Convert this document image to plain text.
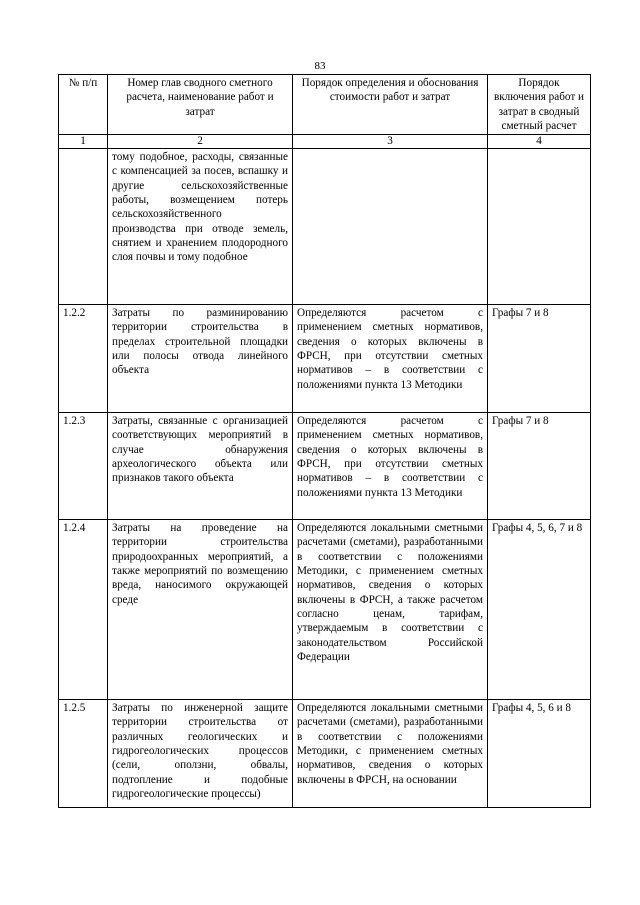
83
№ п/п	Номер глав сводного сметного расчета, наименование работ и затрат	Порядок определения и обоснования стоимости работ и затрат	Порядок включения работ и затрат в сводный сметный расчет
1	2	3	4
	тому подобное, расходы, связанные с компенсацией за посев, вспашку и другие сельскохозяйственные работы, возмещением потерь сельскохозяйственного производства при отводе земель, снятием и хранением плодородного слоя почвы и тому подобное		
1.2.2	Затраты по разминированию территории строительства в пределах строительной площадки или полосы отвода линейного объекта	Определяются расчетом с применением сметных нормативов, сведения о которых включены в ФРСН, при отсутствии сметных нормативов – в соответствии с положениями пункта 13 Методики	Графы 7 и 8
1.2.3	Затраты, связанные с организацией соответствующих мероприятий в случае обнаружения археологического объекта или признаков такого объекта	Определяются расчетом с применением сметных нормативов, сведения о которых включены в ФРСН, при отсутствии сметных нормативов – в соответствии с положениями пункта 13 Методики	Графы 7 и 8
1.2.4	Затраты на проведение на территории строительства природоохранных мероприятий, а также мероприятий по возмещению вреда, наносимого окружающей среде	Определяются локальными сметными расчетами (сметами), разработанными в соответствии с положениями Методики, с применением сметных нормативов, сведения о которых включены в ФРСН, а также расчетом согласно ценам, тарифам, утверждаемым в соответствии с законодательством Российской Федерации	Графы 4, 5, 6, 7 и 8
1.2.5	Затраты по инженерной защите территории строительства от различных геологических и гидрогеологических процессов (сели, оползни, обвалы, подтопление и подобные гидрогеологические процессы)	Определяются локальными сметными расчетами (сметами), разработанными в соответствии с положениями Методики, с применением сметных нормативов, сведения о которых включены в ФРСН, на основании	Графы 4, 5, 6 и 8
